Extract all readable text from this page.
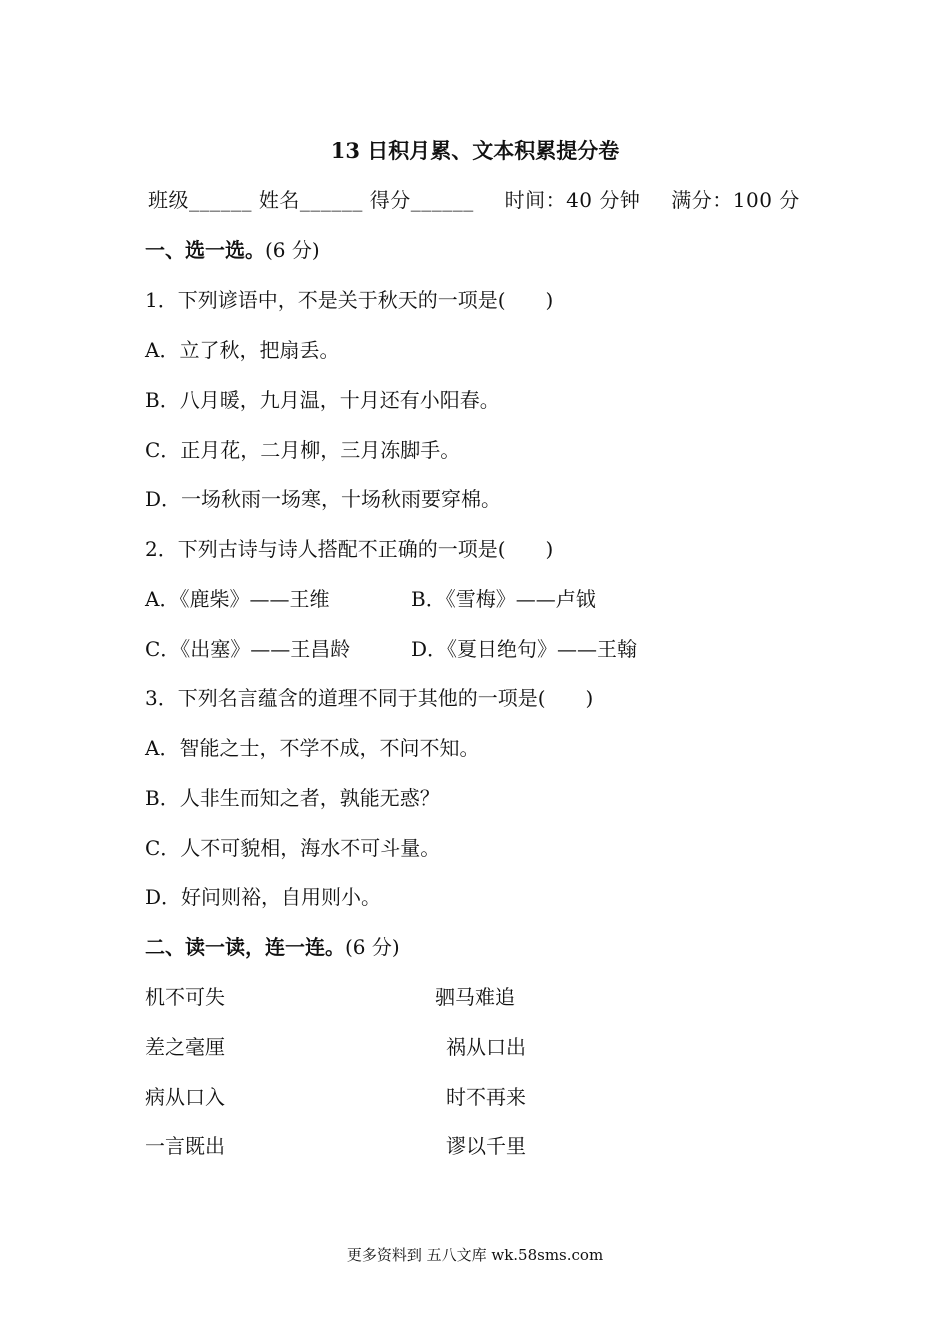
13 日积月累、文本积累提分卷
班级______ 姓名______ 得分______ 时间：40 分钟 满分：100 分
一、选一选。(6 分)
1．下列谚语中，不是关于秋天的一项是(　　)
A．立了秋，把扇丢。
B．八月暖，九月温，十月还有小阳春。
C．正月花，二月柳，三月冻脚手。
D．一场秋雨一场寒，十场秋雨要穿棉。
2．下列古诗与诗人搭配不正确的一项是(　　)
A．《鹿柴》——王维	B．《雪梅》——卢钺
C．《出塞》——王昌龄	D．《夏日绝句》——王翰
3．下列名言蕴含的道理不同于其他的一项是(　　)
A．智能之士，不学不成，不问不知。
B．人非生而知之者，孰能无惑？
C．人不可貌相，海水不可斗量。
D．好问则裕，自用则小。
二、读一读，连一连。(6 分)
机不可失	驷马难追
差之毫厘	祸从口出
病从口入	时不再来
一言既出	谬以千里
更多资料到 五八文库 wk.58sms.com
